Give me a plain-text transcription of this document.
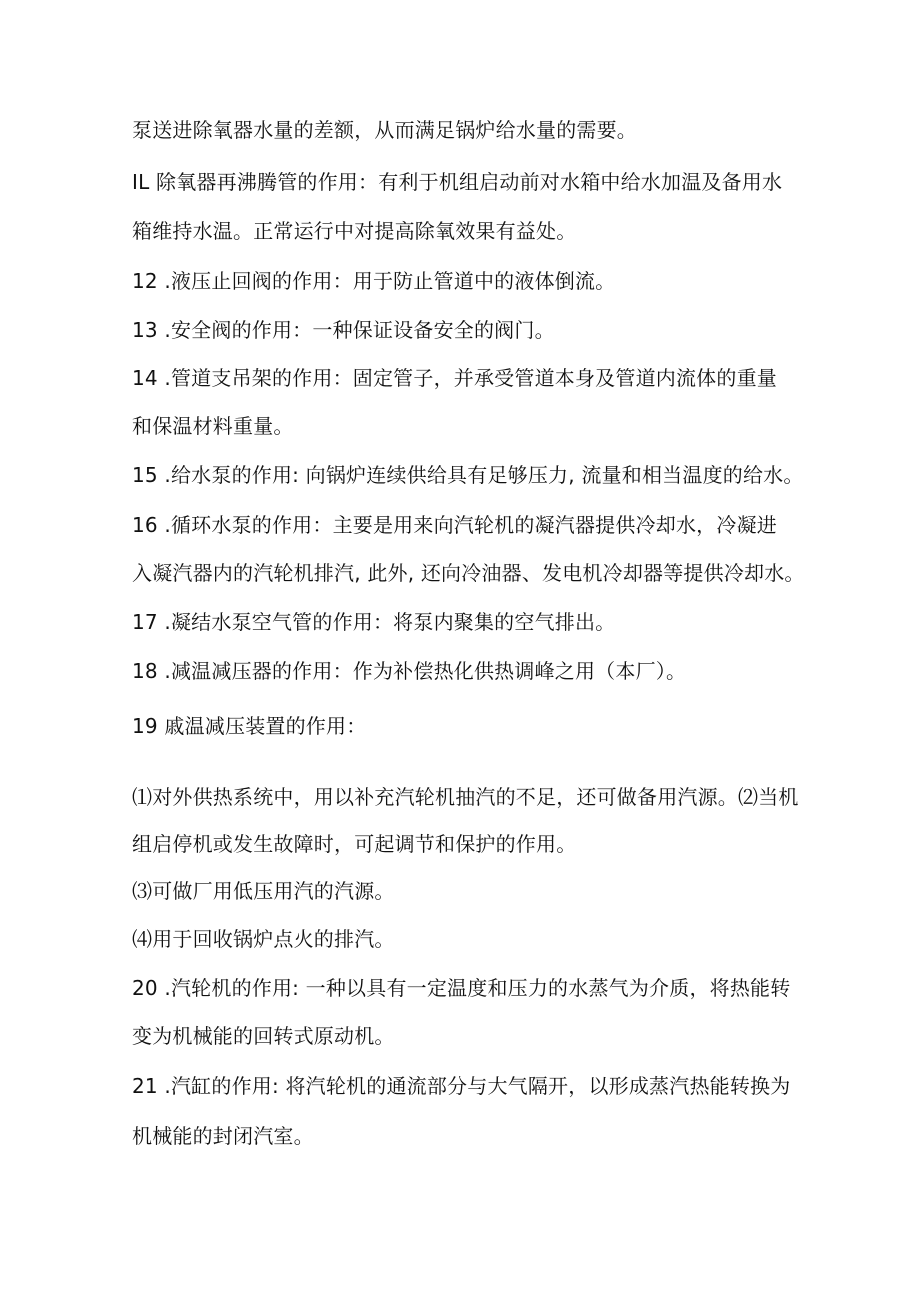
泵送进除氧器水量的差额，从而满足锅炉给水量的需要。
IL 除氧器再沸腾管的作用：有利于机组启动前对水箱中给水加温及备用水
箱维持水温。正常运行中对提高除氧效果有益处。
12 .液压止回阀的作用：用于防止管道中的液体倒流。
13 .安全阀的作用：一种保证设备安全的阀门。
14 .管道支吊架的作用：固定管子，并承受管道本身及管道内流体的重量
和保温材料重量。
15 .给水泵的作用: 向锅炉连续供给具有足够压力, 流量和相当温度的给水。
16 .循环水泵的作用：主要是用来向汽轮机的凝汽器提供冷却水，冷凝进
入凝汽器内的汽轮机排汽, 此外, 还向冷油器、发电机冷却器等提供冷却水。
17 .凝结水泵空气管的作用：将泵内聚集的空气排出。
18 .减温减压器的作用：作为补偿热化供热调峰之用（本厂）。
19 戚温减压装置的作用：
⑴对外供热系统中，用以补充汽轮机抽汽的不足，还可做备用汽源。⑵当机
组启停机或发生故障时，可起调节和保护的作用。
⑶可做厂用低压用汽的汽源。
⑷用于回收锅炉点火的排汽。
20 .汽轮机的作用: 一种以具有一定温度和压力的水蒸气为介质，将热能转
变为机械能的回转式原动机。
21 .汽缸的作用: 将汽轮机的通流部分与大气隔开，以形成蒸汽热能转换为
机械能的封闭汽室。
